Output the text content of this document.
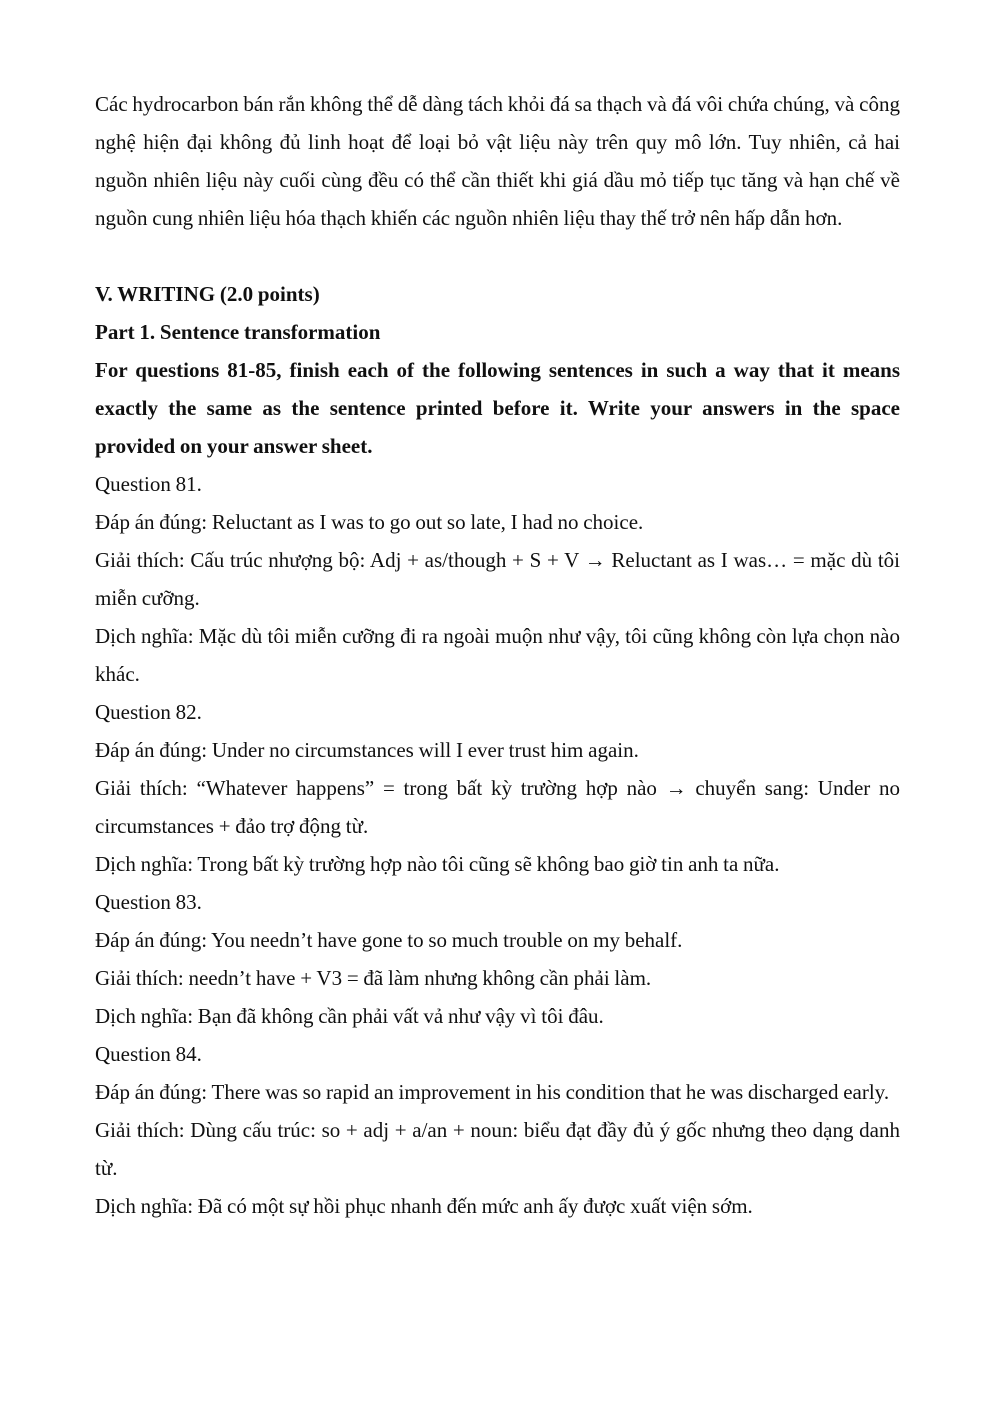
Các hydrocarbon bán rắn không thể dễ dàng tách khỏi đá sa thạch và đá vôi chứa chúng, và công nghệ hiện đại không đủ linh hoạt để loại bỏ vật liệu này trên quy mô lớn. Tuy nhiên, cả hai nguồn nhiên liệu này cuối cùng đều có thể cần thiết khi giá dầu mỏ tiếp tục tăng và hạn chế về nguồn cung nhiên liệu hóa thạch khiến các nguồn nhiên liệu thay thế trở nên hấp dẫn hơn.

V. WRITING (2.0 points)

Part 1. Sentence transformation

For questions 81-85, finish each of the following sentences in such a way that it means exactly the same as the sentence printed before it. Write your answers in the space provided on your answer sheet.

Question 81.

Đáp án đúng: Reluctant as I was to go out so late, I had no choice.

Giải thích: Cấu trúc nhượng bộ: Adj + as/though + S + V → Reluctant as I was… = mặc dù tôi miễn cưỡng.

Dịch nghĩa: Mặc dù tôi miễn cưỡng đi ra ngoài muộn như vậy, tôi cũng không còn lựa chọn nào khác.

Question 82.

Đáp án đúng: Under no circumstances will I ever trust him again.

Giải thích: “Whatever happens” = trong bất kỳ trường hợp nào → chuyển sang: Under no circumstances + đảo trợ động từ.

Dịch nghĩa: Trong bất kỳ trường hợp nào tôi cũng sẽ không bao giờ tin anh ta nữa.

Question 83.

Đáp án đúng: You needn’t have gone to so much trouble on my behalf.

Giải thích: needn’t have + V3 = đã làm nhưng không cần phải làm.

Dịch nghĩa: Bạn đã không cần phải vất vả như vậy vì tôi đâu.

Question 84.

Đáp án đúng: There was so rapid an improvement in his condition that he was discharged early.

Giải thích: Dùng cấu trúc: so + adj + a/an + noun: biểu đạt đầy đủ ý gốc nhưng theo dạng danh từ.

Dịch nghĩa: Đã có một sự hồi phục nhanh đến mức anh ấy được xuất viện sớm.
